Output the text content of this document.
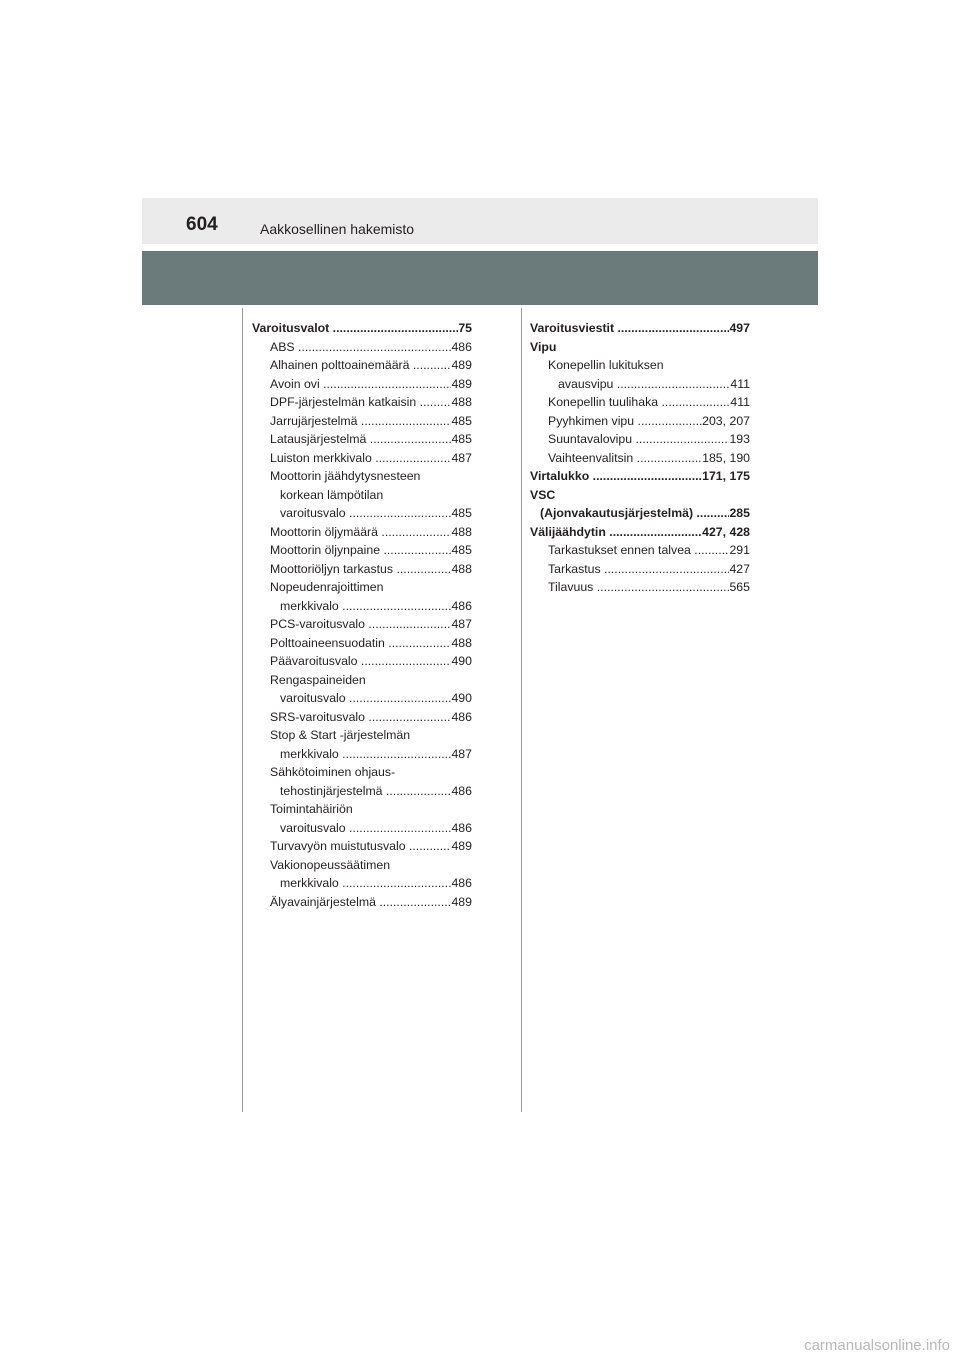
604	Aakkosellinen hakemisto
Varoitusvalot .....	75
ABS .....	486
Alhainen polttoainemäärä .....	489
Avoin ovi .....	489
DPF-järjestelmän katkaisin .....	488
Jarrujärjestelmä .....	485
Latausjärjestelmä .....	485
Luiston merkkivalo .....	487
Moottorin jäähdytysnesteen
korkean lämpötilan
varoitusvalo .....	485
Moottorin öljymäärä .....	488
Moottorin öljynpaine .....	485
Moottoriöljyn tarkastus .....	488
Nopeudenrajoittimen
merkkivalo .....	486
PCS-varoitusvalo .....	487
Polttoaineensuodatin .....	488
Päävaroitusvalo .....	490
Rengaspaineiden
varoitusvalo .....	490
SRS-varoitusvalo .....	486
Stop & Start -järjestelmän
merkkivalo .....	487
Sähkötoiminen ohjaus-
tehostinjärjestelmä .....	486
Toimintahäiriön
varoitusvalo .....	486
Turvavyön muistutusvalo .....	489
Vakionopeussäätimen
merkkivalo .....	486
Älyavainjärjestelmä .....	489
Varoitusviestit .....	497
Vipu
Konepellin lukituksen
avausvipu .....	411
Konepellin tuulihaka .....	411
Pyyhkimen vipu .....	203, 207
Suuntavalovipu .....	193
Vaihteenvalitsin .....	185, 190
Virtalukko .....	171, 175
VSC
(Ajonvakautusjärjestelmä) .....	285
Välijäähdytin .....	427, 428
Tarkastukset ennen talvea .....	291
Tarkastus .....	427
Tilavuus .....	565
carmanualsonline.info
